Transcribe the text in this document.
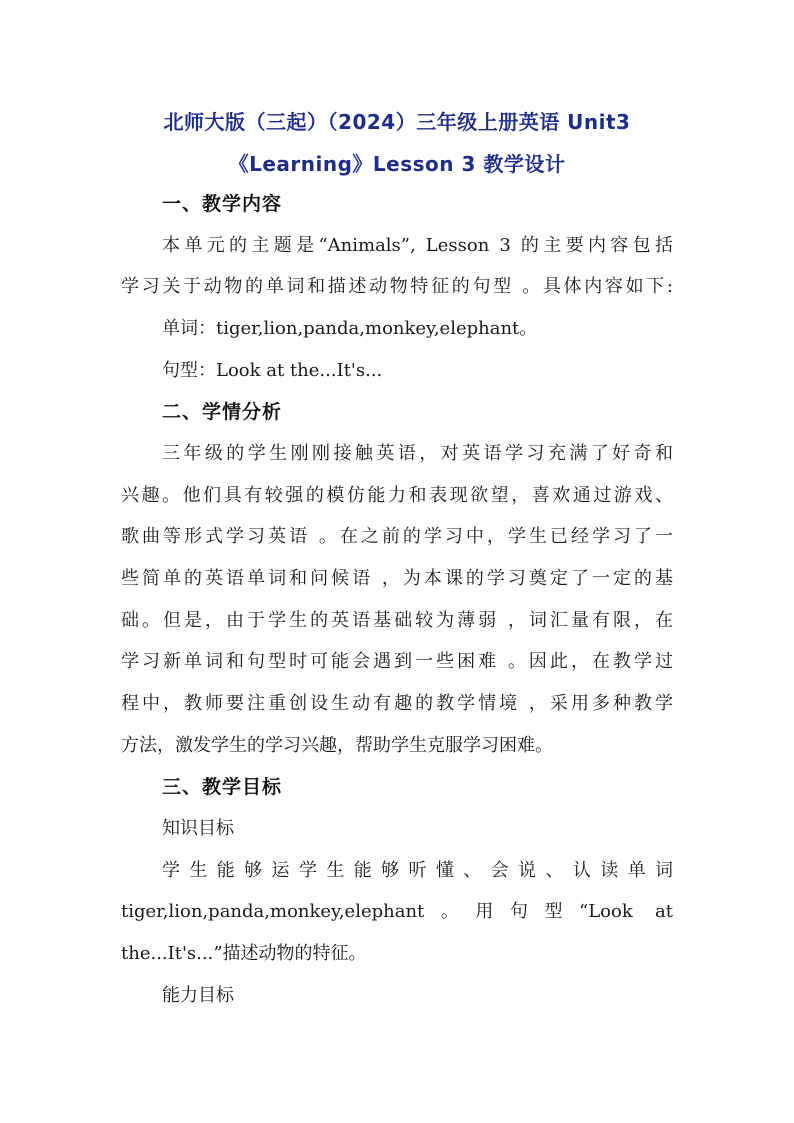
北师大版（三起）（2024）三年级上册英语 Unit3
《Learning》Lesson 3 教学设计
一、教学内容
本单元的主题是“Animals”, Lesson 3 的主要内容包括
学习关于动物的单词和描述动物特征的句型 。具体内容如下:
单词：tiger,lion,panda,monkey,elephant。
句型：Look at the...It's...
二、学情分析
三年级的学生刚刚接触英语，对英语学习充满了好奇和
兴趣。他们具有较强的模仿能力和表现欲望，喜欢通过游戏、
歌曲等形式学习英语 。在之前的学习中，学生已经学习了一
些简单的英语单词和问候语 ，为本课的学习奠定了一定的基
础。但是，由于学生的英语基础较为薄弱 ，词汇量有限，在
学习新单词和句型时可能会遇到一些困难 。因此，在教学过
程中，教师要注重创设生动有趣的教学情境 ，采用多种教学
方法，激发学生的学习兴趣，帮助学生克服学习困难。
三、教学目标
知识目标
学生能够运学生能够听懂、会说、认读单词
tiger,lion,panda,monkey,elephant。用句型“Look at
the...It's...”描述动物的特征。
能力目标
